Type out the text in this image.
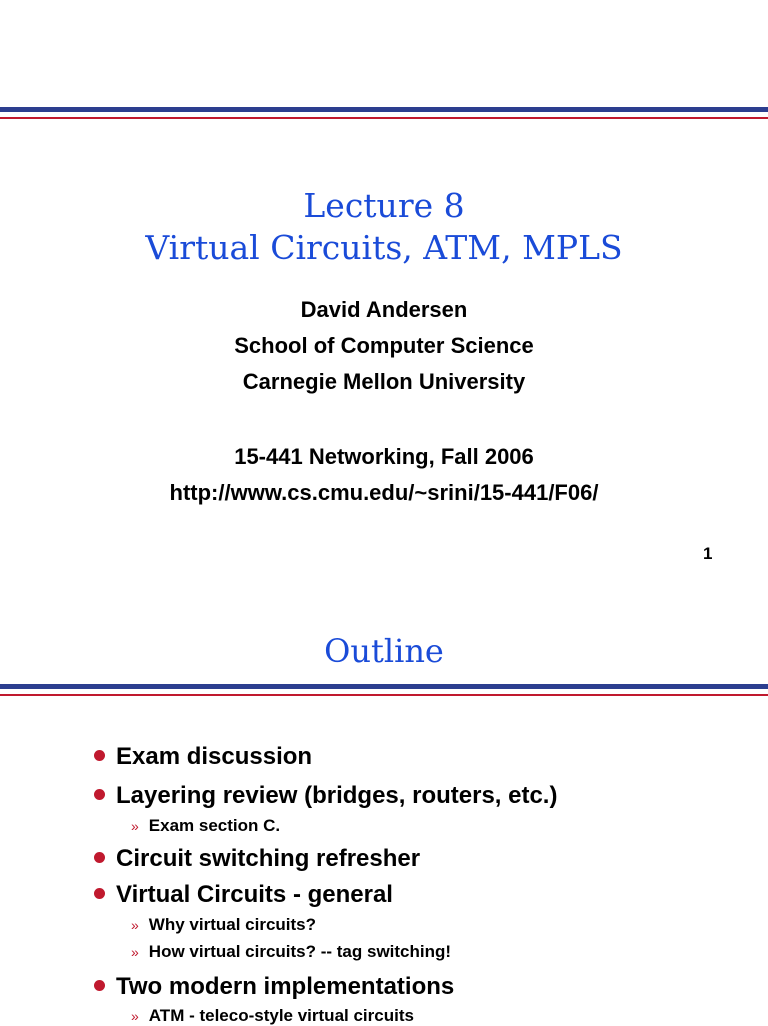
Lecture 8
Virtual Circuits, ATM, MPLS
David Andersen
School of Computer Science
Carnegie Mellon University
15-441 Networking, Fall 2006
http://www.cs.cmu.edu/~srini/15-441/F06/
1
Outline
Exam discussion
Layering review (bridges, routers, etc.)
» Exam section C.
Circuit switching refresher
Virtual Circuits - general
» Why virtual circuits?
» How virtual circuits? -- tag switching!
Two modern implementations
» ATM - teleco-style virtual circuits
